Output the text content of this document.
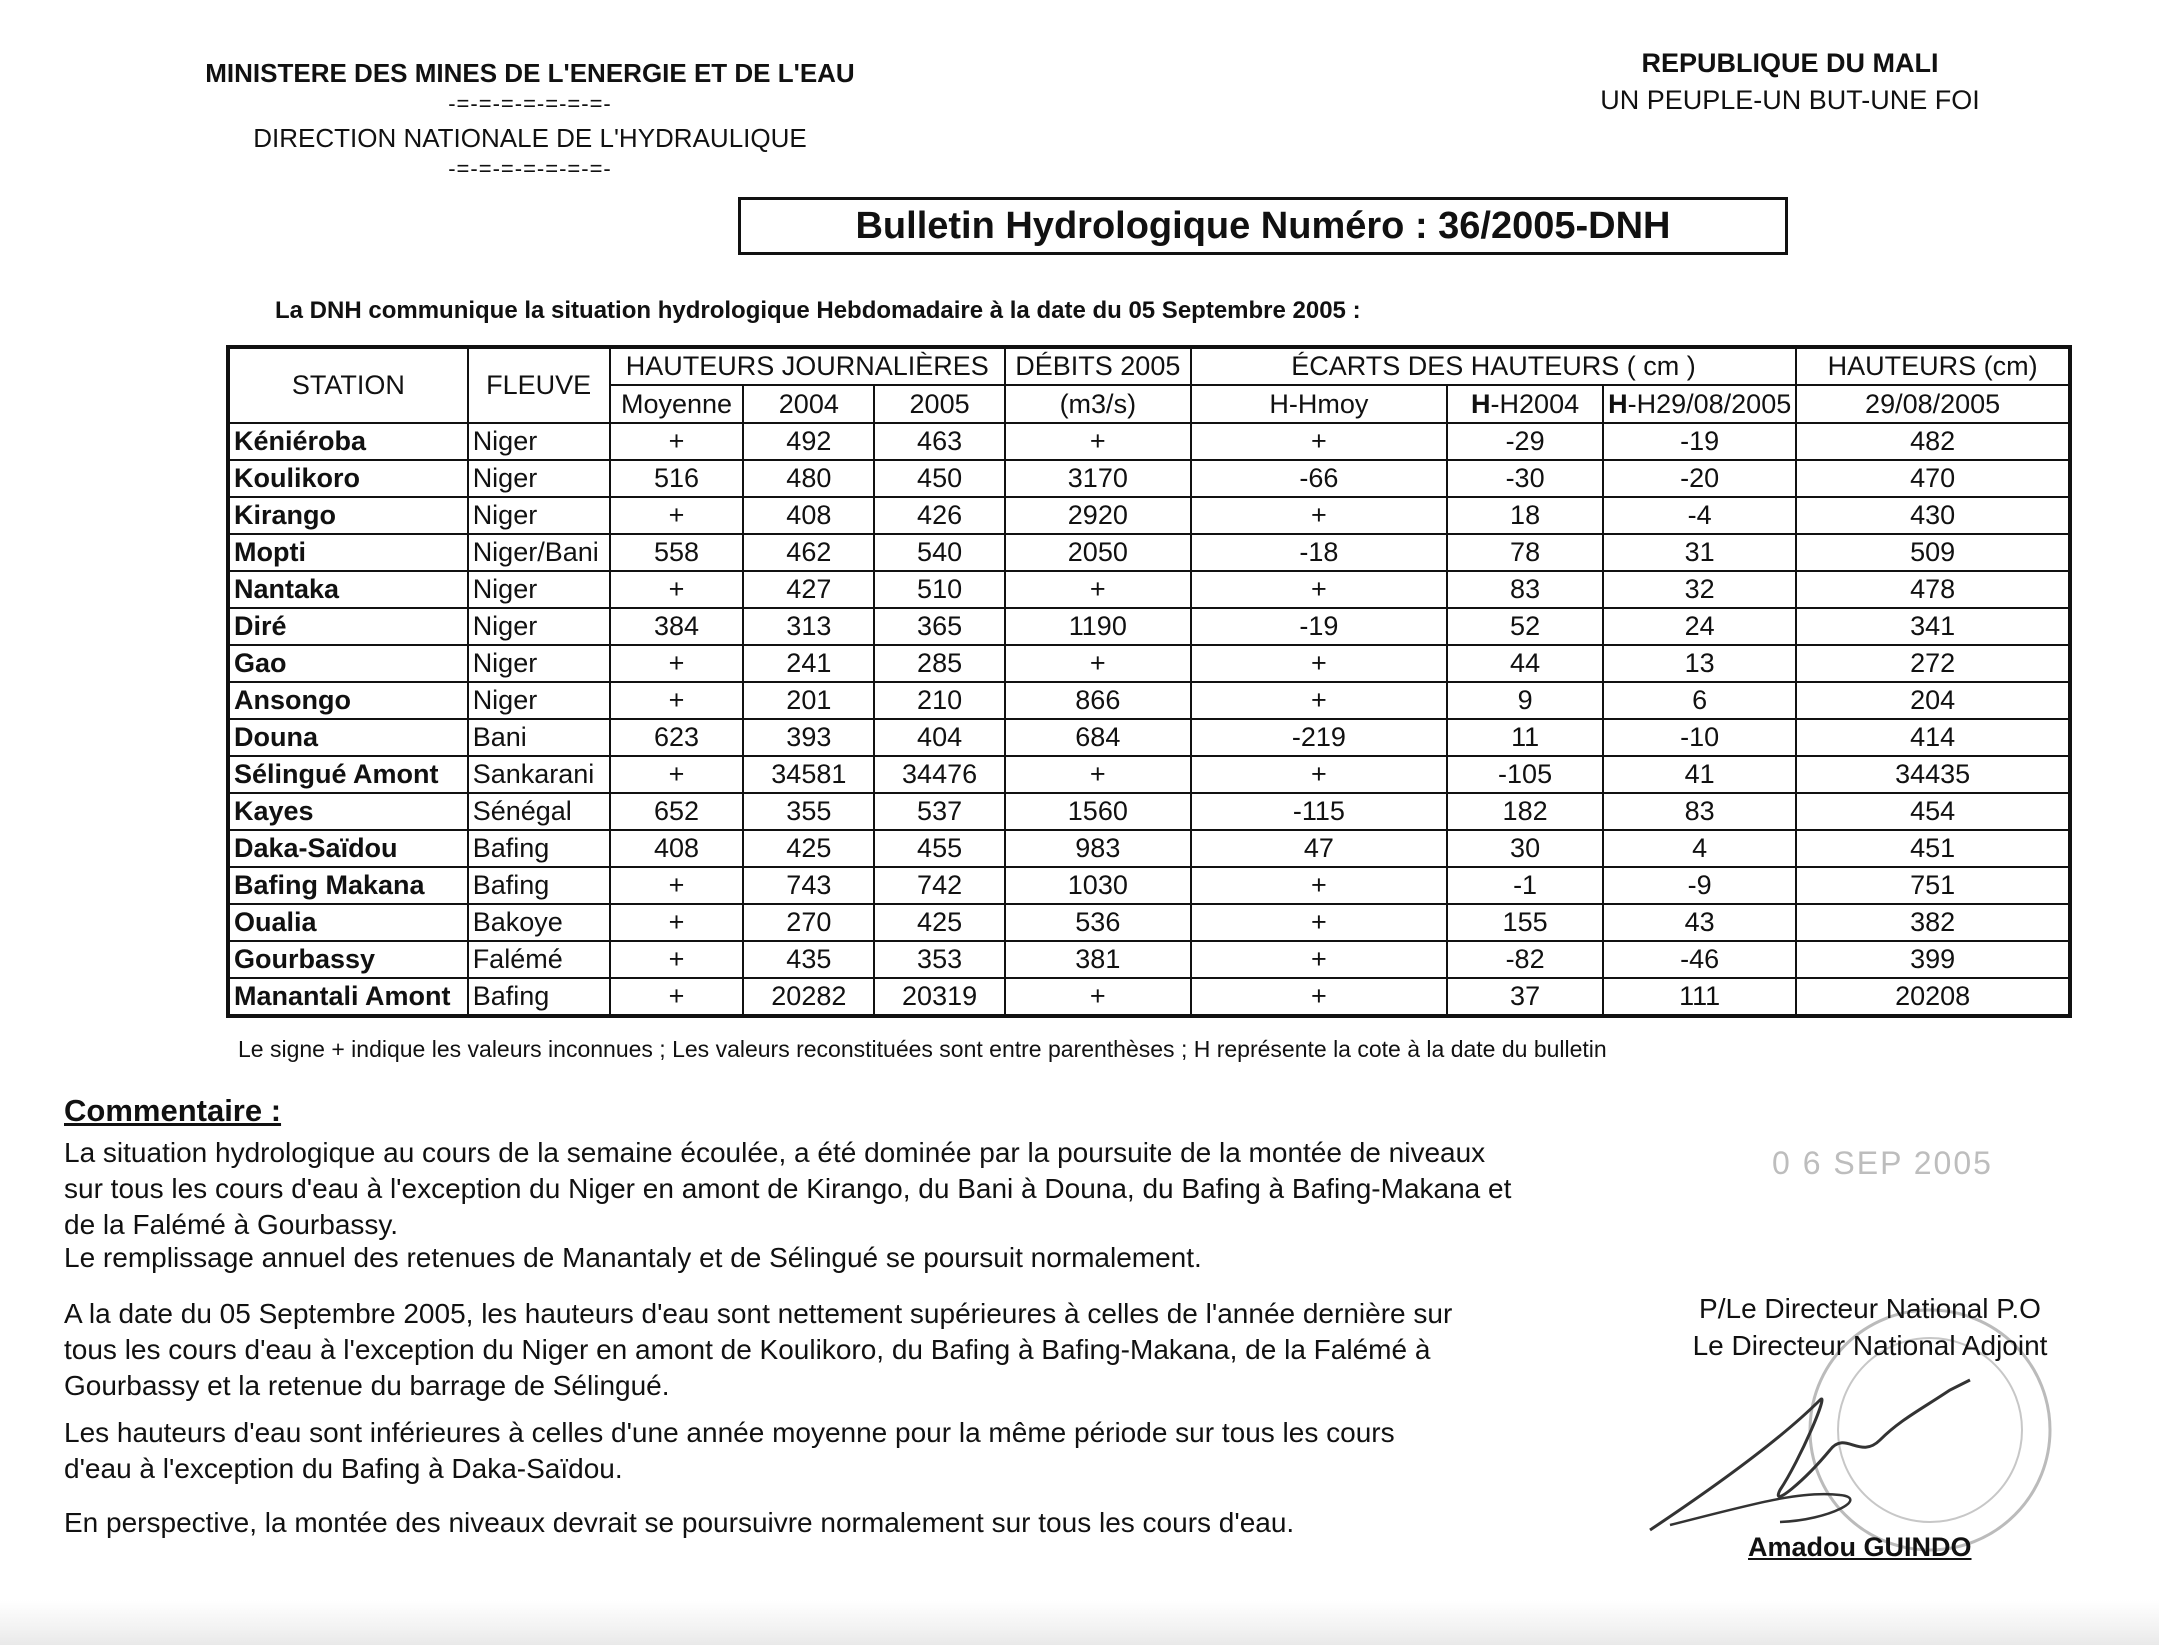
MINISTERE DES MINES DE L'ENERGIE ET DE L'EAU
-=-=-=-=-=-=-=-
DIRECTION NATIONALE DE L'HYDRAULIQUE
-=-=-=-=-=-=-=-
REPUBLIQUE DU MALI
UN PEUPLE-UN BUT-UNE FOI
Bulletin Hydrologique Numéro : 36/2005-DNH
La DNH communique la situation hydrologique Hebdomadaire à la date du 05 Septembre 2005 :
STATION	FLEUVE	HAUTEURS JOURNALIÈRES			DÉBITS 2005	ÉCARTS DES HAUTEURS ( cm )			HAUTEURS (cm)
		Moyenne	2004	2005	(m3/s)	H-Hmoy	H-H2004	H-H29/08/2005	29/08/2005
Kéniéroba	Niger	+	492	463	+	+	-29	-19	482
Koulikoro	Niger	516	480	450	3170	-66	-30	-20	470
Kirango	Niger	+	408	426	2920	+	18	-4	430
Mopti	Niger/Bani	558	462	540	2050	-18	78	31	509
Nantaka	Niger	+	427	510	+	+	83	32	478
Diré	Niger	384	313	365	1190	-19	52	24	341
Gao	Niger	+	241	285	+	+	44	13	272
Ansongo	Niger	+	201	210	866	+	9	6	204
Douna	Bani	623	393	404	684	-219	11	-10	414
Sélingué Amont	Sankarani	+	34581	34476	+	+	-105	41	34435
Kayes	Sénégal	652	355	537	1560	-115	182	83	454
Daka-Saïdou	Bafing	408	425	455	983	47	30	4	451
Bafing Makana	Bafing	+	743	742	1030	+	-1	-9	751
Oualia	Bakoye	+	270	425	536	+	155	43	382
Gourbassy	Falémé	+	435	353	381	+	-82	-46	399
Manantali Amont	Bafing	+	20282	20319	+	+	37	111	20208
Le signe + indique les valeurs inconnues ; Les valeurs reconstituées sont entre parenthèses ; H représente la cote à la date du bulletin
Commentaire :
La situation hydrologique au cours de la semaine écoulée, a été dominée par la poursuite de la montée de niveaux
sur tous les cours d'eau à l'exception du Niger en amont de Kirango, du Bani à Douna, du Bafing à Bafing-Makana et
de la Falémé à Gourbassy.
Le remplissage annuel des retenues de Manantaly et de Sélingué se poursuit normalement.
A la date du 05 Septembre 2005, les hauteurs d'eau sont nettement supérieures à celles de l'année dernière sur
tous les cours d'eau à l'exception du Niger en amont de Koulikoro, du Bafing à Bafing-Makana, de la Falémé à
Gourbassy et la retenue du barrage de Sélingué.
Les hauteurs d'eau sont inférieures à celles d'une année moyenne pour la même période sur tous les cours
d'eau à l'exception du Bafing à Daka-Saïdou.
En perspective, la montée des niveaux devrait se poursuivre normalement sur tous les cours d'eau.
0 6 SEP 2005
P/Le Directeur National P.O
Le Directeur National Adjoint
Amadou GUINDO
